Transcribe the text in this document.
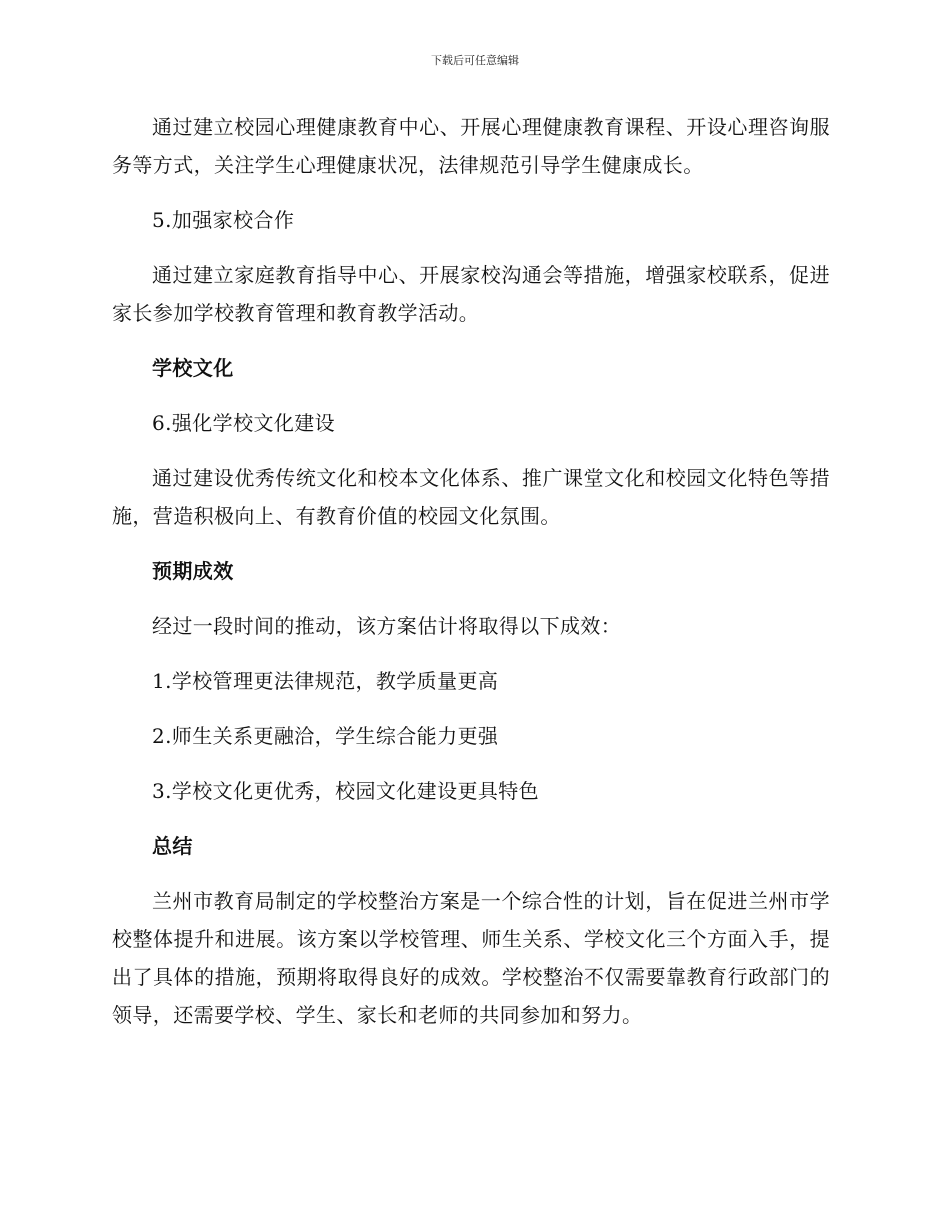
下载后可任意编辑

通过建立校园心理健康教育中心、开展心理健康教育课程、开设心理咨询服务等方式，关注学生心理健康状况，法律规范引导学生健康成长。

5.加强家校合作

通过建立家庭教育指导中心、开展家校沟通会等措施，增强家校联系，促进家长参加学校教育管理和教育教学活动。

学校文化

6.强化学校文化建设

通过建设优秀传统文化和校本文化体系、推广课堂文化和校园文化特色等措施，营造积极向上、有教育价值的校园文化氛围。

预期成效

经过一段时间的推动，该方案估计将取得以下成效：

1.学校管理更法律规范，教学质量更高

2.师生关系更融洽，学生综合能力更强

3.学校文化更优秀，校园文化建设更具特色

总结

兰州市教育局制定的学校整治方案是一个综合性的计划，旨在促进兰州市学校整体提升和进展。该方案以学校管理、师生关系、学校文化三个方面入手，提出了具体的措施，预期将取得良好的成效。学校整治不仅需要靠教育行政部门的领导，还需要学校、学生、家长和老师的共同参加和努力。
